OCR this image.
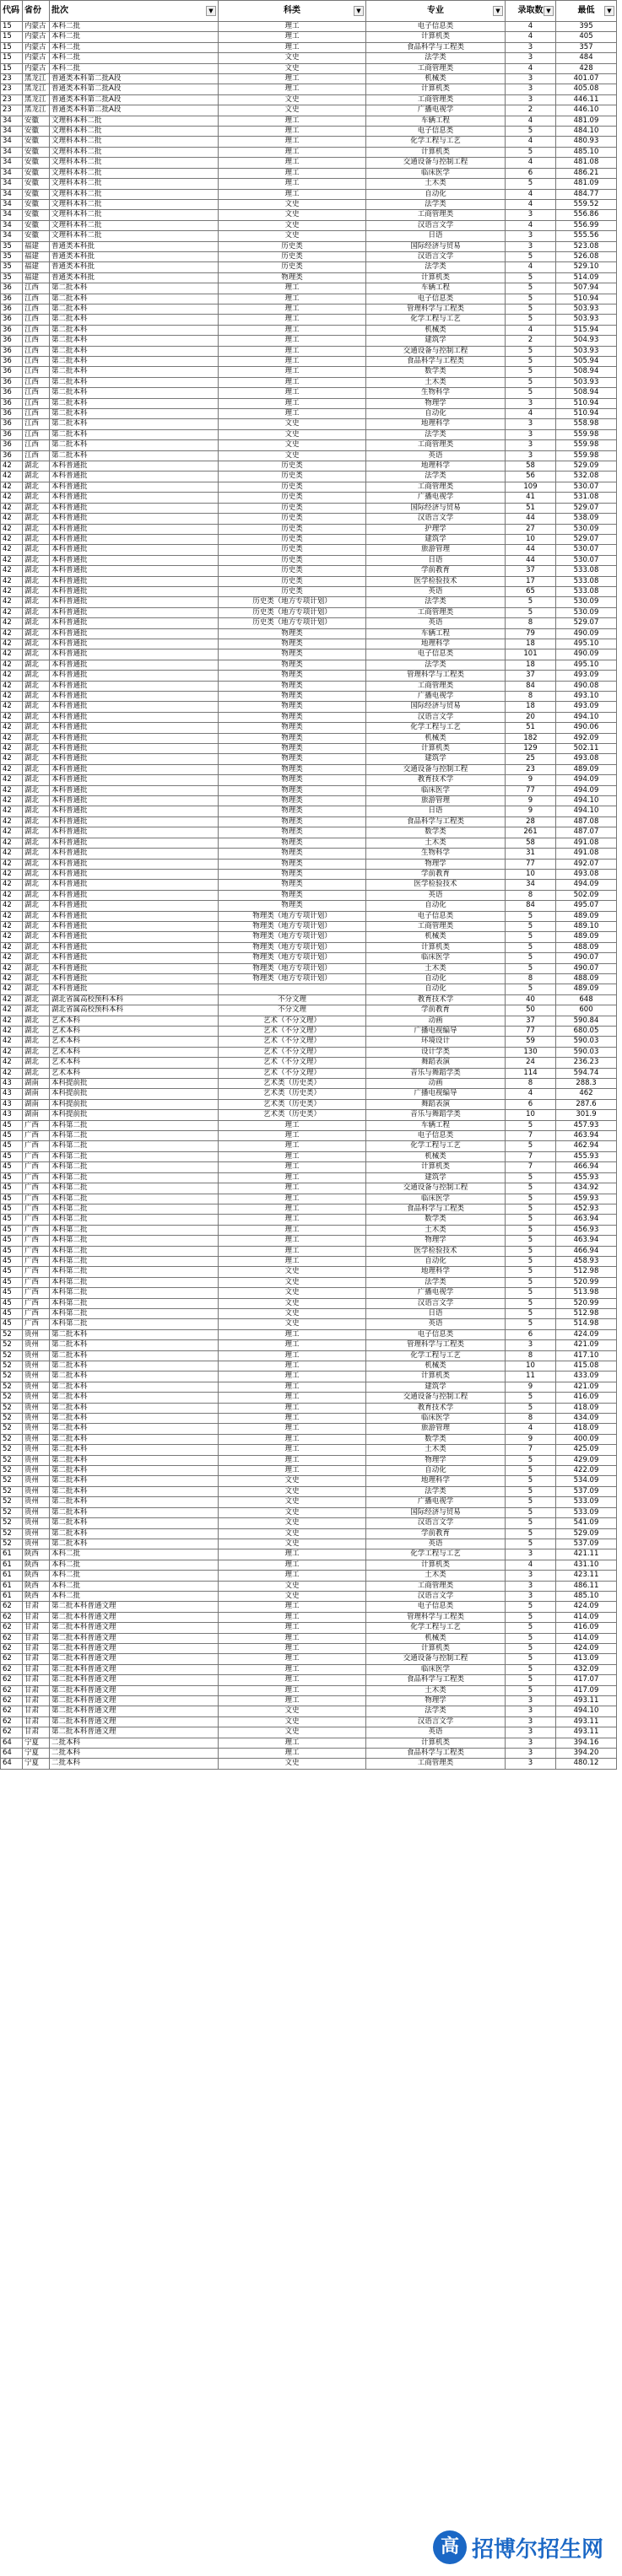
代码	省份	批次 ▼	科类 ▼	专业 ▼	录取数 ▼	最低 ▼

15	内蒙古	本科二批	理工	电子信息类	4	395
15	内蒙古	本科二批	理工	计算机类	4	405
15	内蒙古	本科二批	理工	食品科学与工程类	3	357
15	内蒙古	本科二批	文史	法学类	3	484
15	内蒙古	本科二批	文史	工商管理类	4	428
23	黑龙江	普通类本科第二批A段	理工	机械类	3	401.07
23	黑龙江	普通类本科第二批A段	理工	计算机类	3	405.08
23	黑龙江	普通类本科第二批A段	文史	工商管理类	3	446.11
23	黑龙江	普通类本科第二批A段	文史	广播电视学	2	446.10
34	安徽	文理科本科二批	理工	车辆工程	4	481.09
34	安徽	文理科本科二批	理工	电子信息类	5	484.10
34	安徽	文理科本科二批	理工	化学工程与工艺	4	480.93
34	安徽	文理科本科二批	理工	计算机类	5	485.10
34	安徽	文理科本科二批	理工	交通设备与控制工程	4	481.08
34	安徽	文理科本科二批	理工	临床医学	6	486.21
34	安徽	文理科本科二批	理工	土木类	5	481.09
34	安徽	文理科本科二批	理工	自动化	4	484.77
34	安徽	文理科本科二批	文史	法学类	4	559.52
34	安徽	文理科本科二批	文史	工商管理类	3	556.86
34	安徽	文理科本科二批	文史	汉语言文学	4	556.99
34	安徽	文理科本科二批	文史	日语	3	555.56
35	福建	普通类本科批	历史类	国际经济与贸易	3	523.08
35	福建	普通类本科批	历史类	汉语言文学	5	526.08
35	福建	普通类本科批	历史类	法学类	4	529.10
35	福建	普通类本科批	物理类	计算机类	5	514.09
36	江西	第二批本科	理工	车辆工程	5	507.94
36	江西	第二批本科	理工	电子信息类	5	510.94
36	江西	第二批本科	理工	管理科学与工程类	5	503.93
36	江西	第二批本科	理工	化学工程与工艺	5	503.93
36	江西	第二批本科	理工	机械类	4	515.94
36	江西	第二批本科	理工	建筑学	2	504.93
36	江西	第二批本科	理工	交通设备与控制工程	5	503.93
36	江西	第二批本科	理工	食品科学与工程类	5	505.94
36	江西	第二批本科	理工	数学类	5	508.94
36	江西	第二批本科	理工	土木类	5	503.93
36	江西	第二批本科	理工	生物科学	5	508.94
36	江西	第二批本科	理工	物理学	3	510.94
36	江西	第二批本科	理工	自动化	4	510.94
36	江西	第二批本科	文史	地理科学	3	558.98
36	江西	第二批本科	文史	法学类	3	559.98
36	江西	第二批本科	文史	工商管理类	3	559.98
36	江西	第二批本科	文史	英语	3	559.98
42	湖北	本科普通批	历史类	地理科学	58	529.09
42	湖北	本科普通批	历史类	法学类	56	532.08
42	湖北	本科普通批	历史类	工商管理类	109	530.07
42	湖北	本科普通批	历史类	广播电视学	41	531.08
42	湖北	本科普通批	历史类	国际经济与贸易	51	529.07
42	湖北	本科普通批	历史类	汉语言文学	44	538.09
42	湖北	本科普通批	历史类	护理学	27	530.09
42	湖北	本科普通批	历史类	建筑学	10	529.07
42	湖北	本科普通批	历史类	旅游管理	44	530.07
42	湖北	本科普通批	历史类	日语	44	530.07
42	湖北	本科普通批	历史类	学前教育	37	533.08
42	湖北	本科普通批	历史类	医学检验技术	17	533.08
42	湖北	本科普通批	历史类	英语	65	533.08
42	湖北	本科普通批	历史类（地方专项计划）	法学类	5	530.09
42	湖北	本科普通批	历史类（地方专项计划）	工商管理类	5	530.09
42	湖北	本科普通批	历史类（地方专项计划）	英语	8	529.07
42	湖北	本科普通批	物理类	车辆工程	79	490.09
42	湖北	本科普通批	物理类	地理科学	18	495.10
42	湖北	本科普通批	物理类	电子信息类	101	490.09
42	湖北	本科普通批	物理类	法学类	18	495.10
42	湖北	本科普通批	物理类	管理科学与工程类	37	493.09
42	湖北	本科普通批	物理类	工商管理类	84	490.08
42	湖北	本科普通批	物理类	广播电视学	8	493.10
42	湖北	本科普通批	物理类	国际经济与贸易	18	493.09
42	湖北	本科普通批	物理类	汉语言文学	20	494.10
42	湖北	本科普通批	物理类	化学工程与工艺	51	490.06
42	湖北	本科普通批	物理类	机械类	182	492.09
42	湖北	本科普通批	物理类	计算机类	129	502.11
42	湖北	本科普通批	物理类	建筑学	25	493.08
42	湖北	本科普通批	物理类	交通设备与控制工程	23	489.09
42	湖北	本科普通批	物理类	教育技术学	9	494.09
42	湖北	本科普通批	物理类	临床医学	77	494.09
42	湖北	本科普通批	物理类	旅游管理	9	494.10
42	湖北	本科普通批	物理类	日语	9	494.10
42	湖北	本科普通批	物理类	食品科学与工程类	28	487.08
42	湖北	本科普通批	物理类	数学类	261	487.07
42	湖北	本科普通批	物理类	土木类	58	491.08
42	湖北	本科普通批	物理类	生物科学	31	491.08
42	湖北	本科普通批	物理类	物理学	77	492.07
42	湖北	本科普通批	物理类	学前教育	10	493.08
42	湖北	本科普通批	物理类	医学检验技术	34	494.09
42	湖北	本科普通批	物理类	英语	8	502.09
42	湖北	本科普通批	物理类	自动化	84	495.07
42	湖北	本科普通批	物理类（地方专项计划）	电子信息类	5	489.09
42	湖北	本科普通批	物理类（地方专项计划）	工商管理类	5	489.10
42	湖北	本科普通批	物理类（地方专项计划）	机械类	5	489.09
42	湖北	本科普通批	物理类（地方专项计划）	计算机类	5	488.09
42	湖北	本科普通批	物理类（地方专项计划）	临床医学	5	490.07
42	湖北	本科普通批	物理类（地方专项计划）	土木类	5	490.07
42	湖北	本科普通批	物理类（地方专项计划）	自动化	8	488.09
42	湖北	本科普通批		自动化	5	489.09
42	湖北	湖北省属高校预科本科	不分文理	教育技术学	40	648
42	湖北	湖北省属高校预科本科	不分文理	学前教育	50	600
42	湖北	艺术本科	艺术（不分文理）	动画	37	590.84
42	湖北	艺术本科	艺术（不分文理）	广播电视编导	77	680.05
42	湖北	艺术本科	艺术（不分文理）	环境设计	59	590.03
42	湖北	艺术本科	艺术（不分文理）	设计学类	130	590.03
42	湖北	艺术本科	艺术（不分文理）	舞蹈表演	24	236.23
42	湖北	艺术本科	艺术（不分文理）	音乐与舞蹈学类	114	594.74
43	湖南	本科提前批	艺术类（历史类）	动画	8	288.3
43	湖南	本科提前批	艺术类（历史类）	广播电视编导	4	462
43	湖南	本科提前批	艺术类（历史类）	舞蹈表演	6	287.6
43	湖南	本科提前批	艺术类（历史类）	音乐与舞蹈学类	10	301.9
45	广西	本科第二批	理工	车辆工程	5	457.93
45	广西	本科第二批	理工	电子信息类	7	463.94
45	广西	本科第二批	理工	化学工程与工艺	5	462.94
45	广西	本科第二批	理工	机械类	7	455.93
45	广西	本科第二批	理工	计算机类	7	466.94
45	广西	本科第二批	理工	建筑学	5	455.93
45	广西	本科第二批	理工	交通设备与控制工程	5	434.92
45	广西	本科第二批	理工	临床医学	5	459.93
45	广西	本科第二批	理工	食品科学与工程类	5	452.93
45	广西	本科第二批	理工	数学类	5	463.94
45	广西	本科第二批	理工	土木类	5	456.93
45	广西	本科第二批	理工	物理学	5	463.94
45	广西	本科第二批	理工	医学检验技术	5	466.94
45	广西	本科第二批	理工	自动化	5	458.93
45	广西	本科第二批	文史	地理科学	5	512.98
45	广西	本科第二批	文史	法学类	5	520.99
45	广西	本科第二批	文史	广播电视学	5	513.98
45	广西	本科第二批	文史	汉语言文学	5	520.99
45	广西	本科第二批	文史	日语	5	512.98
45	广西	本科第二批	文史	英语	5	514.98
52	贵州	第二批本科	理工	电子信息类	6	424.09
52	贵州	第二批本科	理工	管理科学与工程类	3	421.09
52	贵州	第二批本科	理工	化学工程与工艺	8	417.10
52	贵州	第二批本科	理工	机械类	10	415.08
52	贵州	第二批本科	理工	计算机类	11	433.09
52	贵州	第二批本科	理工	建筑学	9	421.09
52	贵州	第二批本科	理工	交通设备与控制工程	5	416.09
52	贵州	第二批本科	理工	教育技术学	5	418.09
52	贵州	第二批本科	理工	临床医学	8	434.09
52	贵州	第二批本科	理工	旅游管理	4	418.09
52	贵州	第二批本科	理工	数学类	9	400.09
52	贵州	第二批本科	理工	土木类	7	425.09
52	贵州	第二批本科	理工	物理学	5	429.09
52	贵州	第二批本科	理工	自动化	5	422.09
52	贵州	第二批本科	文史	地理科学	5	534.09
52	贵州	第二批本科	文史	法学类	5	537.09
52	贵州	第二批本科	文史	广播电视学	5	533.09
52	贵州	第二批本科	文史	国际经济与贸易	5	533.09
52	贵州	第二批本科	文史	汉语言文学	5	541.09
52	贵州	第二批本科	文史	学前教育	5	529.09
52	贵州	第二批本科	文史	英语	5	537.09
61	陕西	本科二批	理工	化学工程与工艺	3	421.11
61	陕西	本科二批	理工	计算机类	4	431.10
61	陕西	本科二批	理工	土木类	3	423.11
61	陕西	本科二批	文史	工商管理类	3	486.11
61	陕西	本科二批	文史	汉语言文学	3	485.10
62	甘肃	第二批本科普通文理	理工	电子信息类	5	424.09
62	甘肃	第二批本科普通文理	理工	管理科学与工程类	5	414.09
62	甘肃	第二批本科普通文理	理工	化学工程与工艺	5	416.09
62	甘肃	第二批本科普通文理	理工	机械类	5	414.09
62	甘肃	第二批本科普通文理	理工	计算机类	5	424.09
62	甘肃	第二批本科普通文理	理工	交通设备与控制工程	5	413.09
62	甘肃	第二批本科普通文理	理工	临床医学	5	432.09
62	甘肃	第二批本科普通文理	理工	食品科学与工程类	5	417.07
62	甘肃	第二批本科普通文理	理工	土木类	5	417.09
62	甘肃	第二批本科普通文理	理工	物理学	3	493.11
62	甘肃	第二批本科普通文理	文史	法学类	3	494.10
62	甘肃	第二批本科普通文理	文史	汉语言文学	3	493.11
62	甘肃	第二批本科普通文理	文史	英语	3	493.11
64	宁夏	二批本科	理工	计算机类	3	394.16
64	宁夏	二批本科	理工	食品科学与工程类	3	394.20
64	宁夏	二批本科	文史	工商管理类	3	480.12
高 招博尔招生网
